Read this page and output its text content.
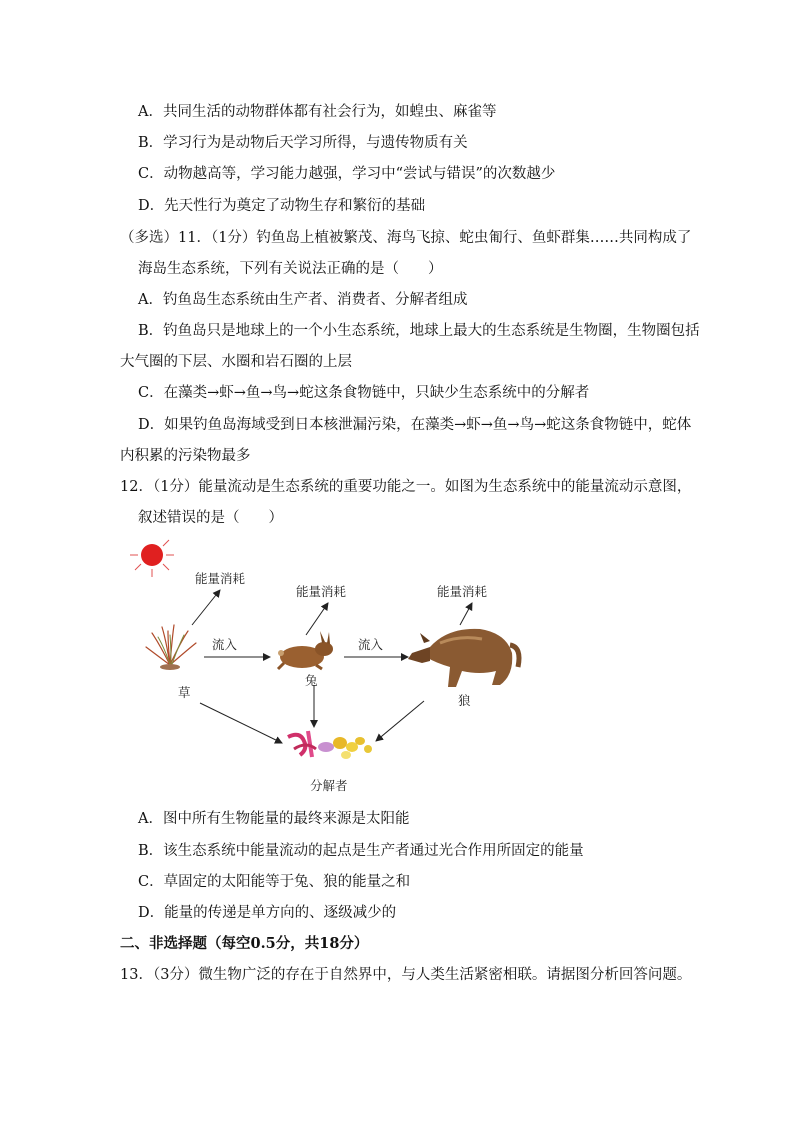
A．共同生活的动物群体都有社会行为，如蝗虫、麻雀等
B．学习行为是动物后天学习所得，与遗传物质有关
C．动物越高等，学习能力越强，学习中“尝试与错误”的次数越少
D．先天性行为奠定了动物生存和繁衍的基础
（多选）11．（1分）钓鱼岛上植被繁茂、海鸟飞掠、蛇虫匍行、鱼虾群集……共同构成了
海岛生态系统，下列有关说法正确的是（　　）
A．钓鱼岛生态系统由生产者、消费者、分解者组成
B．钓鱼岛只是地球上的一个小生态系统，地球上最大的生态系统是生物圈，生物圈包括
大气圈的下层、水圈和岩石圈的上层
C．在藻类→虾→鱼→鸟→蛇这条食物链中，只缺少生态系统中的分解者
D．如果钓鱼岛海域受到日本核泄漏污染，在藻类→虾→鱼→鸟→蛇这条食物链中，蛇体
内积累的污染物最多
12．（1分）能量流动是生态系统的重要功能之一。如图为生态系统中的能量流动示意图，
叙述错误的是（　　）
能量消耗
能量消耗	能量消耗
流入	流入
草
兔
狼
分解者
A．图中所有生物能量的最终来源是太阳能
B．该生态系统中能量流动的起点是生产者通过光合作用所固定的能量
C．草固定的太阳能等于兔、狼的能量之和
D．能量的传递是单方向的、逐级减少的
二、非选择题（每空0.5分，共18分）
13．（3分）微生物广泛的存在于自然界中，与人类生活紧密相联。请据图分析回答问题。
